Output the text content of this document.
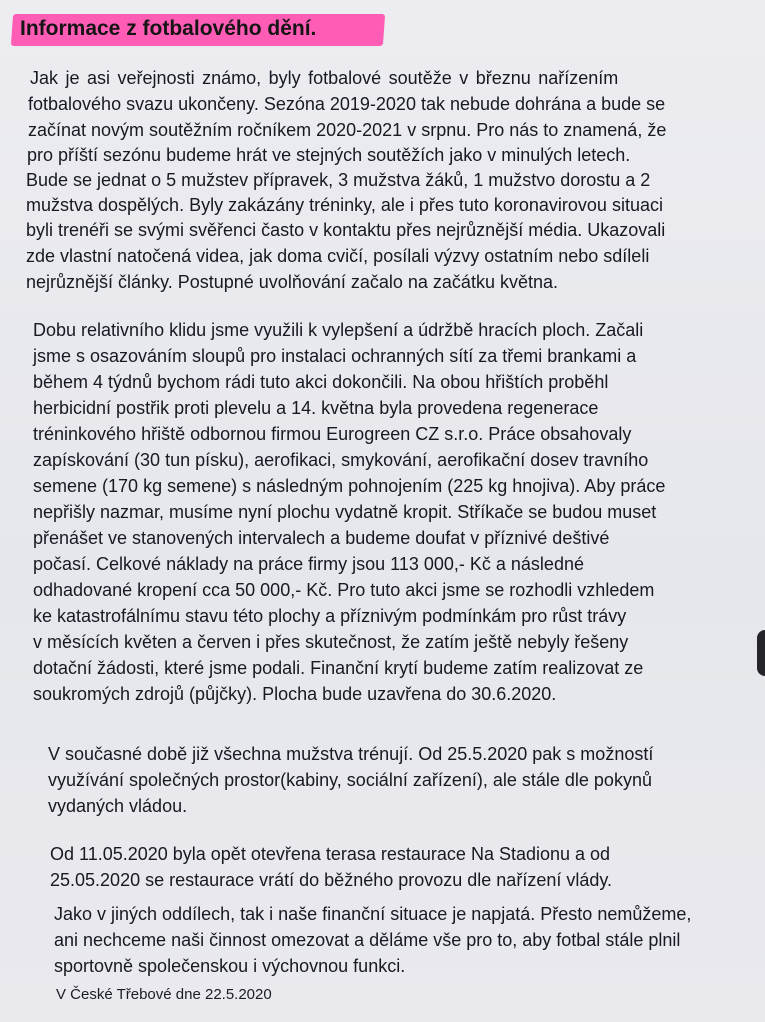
Informace z fotbalového dění.
Jak je asi veřejnosti známo, byly fotbalové soutěže v březnu nařízením
fotbalového svazu ukončeny. Sezóna 2019-2020 tak nebude dohrána a bude se
začínat novým soutěžním ročníkem 2020-2021 v srpnu. Pro nás to znamená, že
pro příští sezónu budeme hrát ve stejných soutěžích jako v minulých letech.
Bude se jednat o 5 mužstev přípravek, 3 mužstva žáků, 1 mužstvo dorostu a 2
mužstva dospělých. Byly zakázány tréninky, ale i přes tuto koronavirovou situaci
byli trenéři se svými svěřenci často v kontaktu přes nejrůznější média. Ukazovali
zde vlastní natočená videa, jak doma cvičí, posílali výzvy ostatním nebo sdíleli
nejrůznější články. Postupné uvolňování začalo na začátku května.
Dobu relativního klidu jsme využili k vylepšení a údržbě hracích ploch. Začali
jsme s osazováním sloupů pro instalaci ochranných sítí za třemi brankami a
během 4 týdnů bychom rádi tuto akci dokončili. Na obou hřištích proběhl
herbicidní postřik proti plevelu a 14. května byla provedena regenerace
tréninkového hřiště odbornou firmou Eurogreen CZ s.r.o. Práce obsahovaly
zapískování (30 tun písku), aerofikaci, smykování, aerofikační dosev travního
semene (170 kg semene) s následným pohnojením (225 kg hnojiva). Aby práce
nepřišly nazmar, musíme nyní plochu vydatně kropit. Stříkače se budou muset
přenášet ve stanovených intervalech a budeme doufat v příznivé deštivé
počasí. Celkové náklady na práce firmy jsou 113 000,- Kč a následné
odhadované kropení cca 50 000,- Kč. Pro tuto akci jsme se rozhodli vzhledem
ke katastrofálnímu stavu této plochy a příznivým podmínkám pro růst trávy
v měsících květen a červen i přes skutečnost, že zatím ještě nebyly řešeny
dotační žádosti, které jsme podali. Finanční krytí budeme zatím realizovat ze
soukromých zdrojů (půjčky). Plocha bude uzavřena do 30.6.2020.
V současné době již všechna mužstva trénují. Od 25.5.2020 pak s možností
využívání společných prostor(kabiny, sociální zařízení), ale stále dle pokynů
vydaných vládou.
Od 11.05.2020 byla opět otevřena terasa restaurace Na Stadionu a od
25.05.2020 se restaurace vrátí do běžného provozu dle nařízení vlády.
Jako v jiných oddílech, tak i naše finanční situace je napjatá. Přesto nemůžeme,
ani nechceme naši činnost omezovat a děláme vše pro to, aby fotbal stále plnil
sportovně společenskou i výchovnou funkci.
V České Třebové dne 22.5.2020
